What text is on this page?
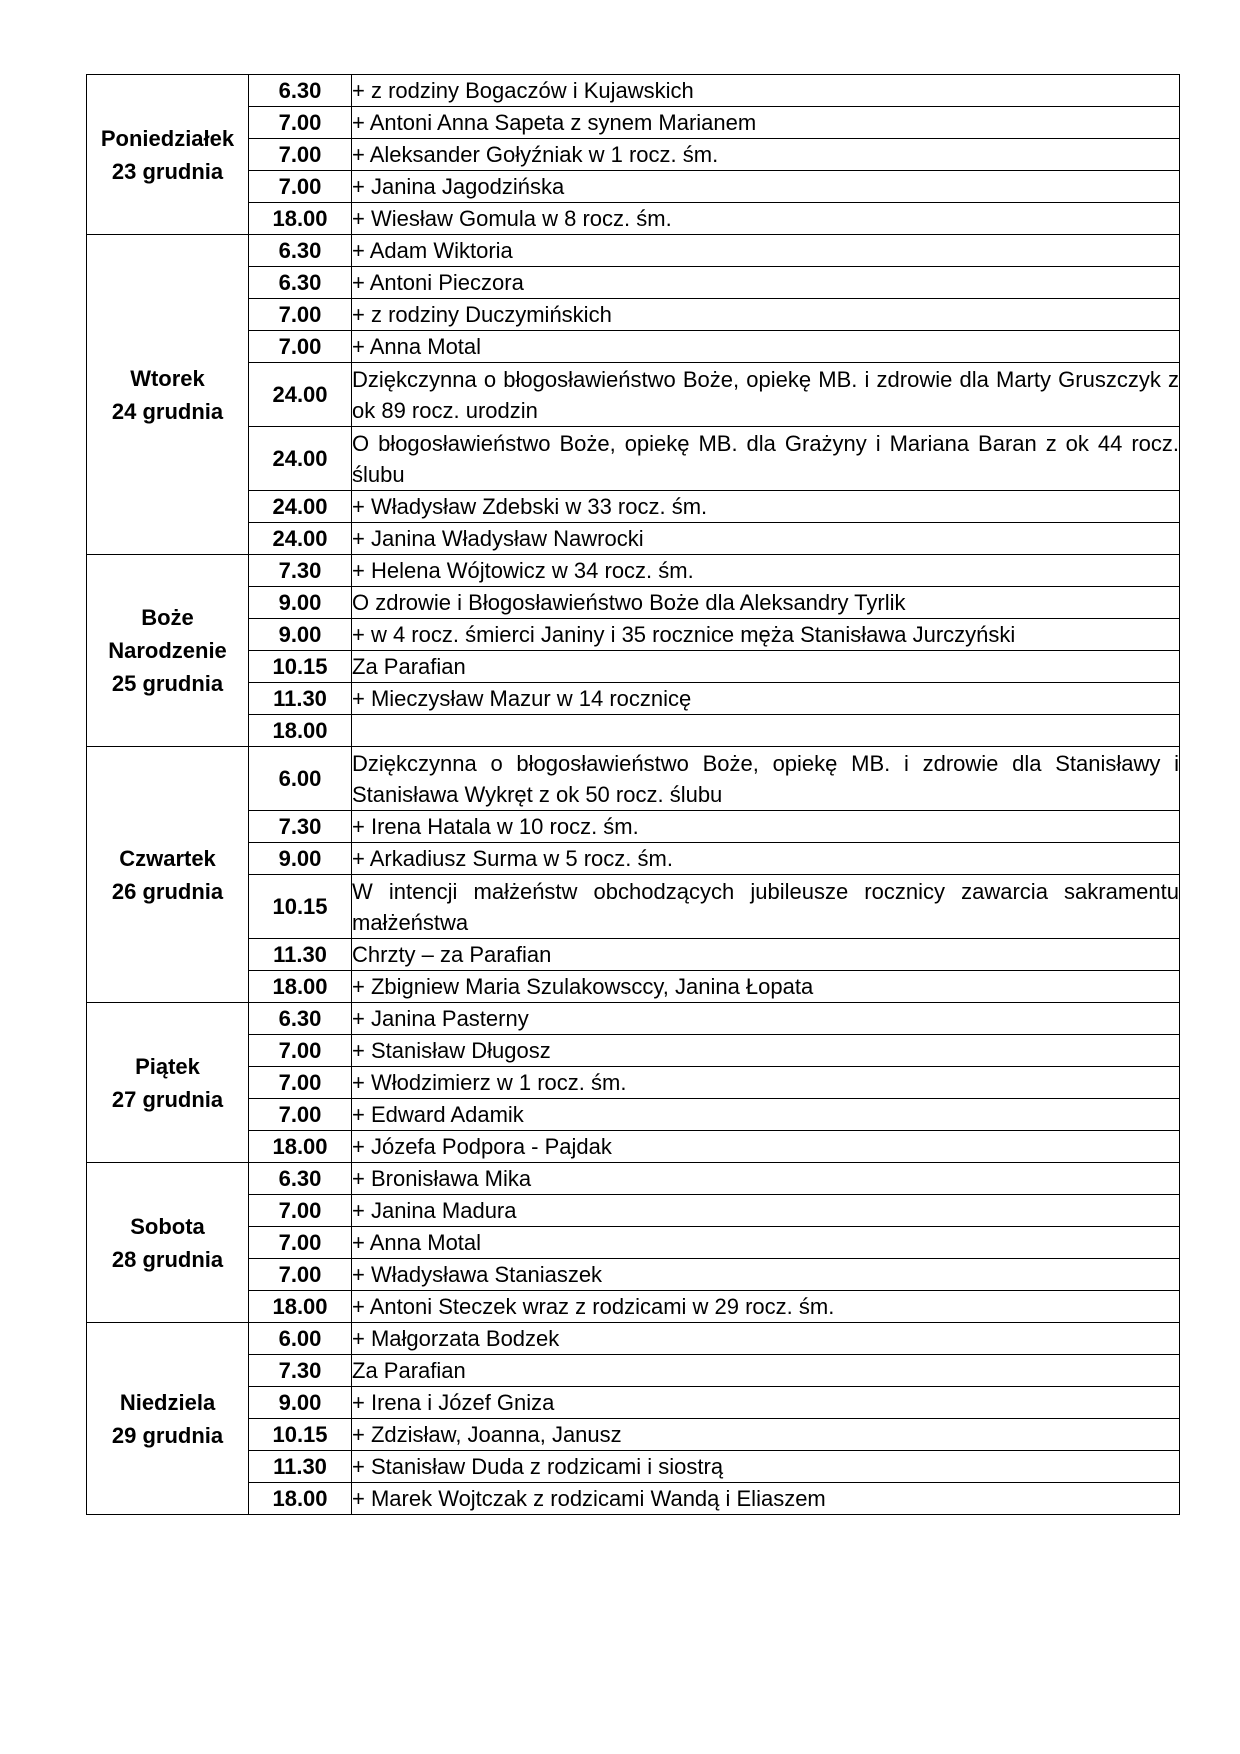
Poniedziałek
23 grudnia	6.30	+ z rodziny Bogaczów i Kujawskich
	7.00	+ Antoni Anna Sapeta z synem Marianem
	7.00	+ Aleksander Gołyźniak w 1 rocz. śm.
	7.00	+ Janina Jagodzińska
	18.00	+ Wiesław Gomula w 8 rocz. śm.

Wtorek
24 grudnia	6.30	+ Adam Wiktoria
	6.30	+ Antoni Pieczora
	7.00	+ z rodziny Duczymińskich
	7.00	+ Anna Motal
	24.00	Dziękczynna o błogosławieństwo Boże, opiekę MB. i zdrowie dla Marty Gruszczyk z ok 89 rocz. urodzin
	24.00	O błogosławieństwo Boże, opiekę MB. dla Grażyny i Mariana Baran z ok 44 rocz. ślubu
	24.00	+ Władysław Zdebski w 33 rocz. śm.
	24.00	+ Janina Władysław Nawrocki

Boże Narodzenie
25 grudnia	7.30	+ Helena Wójtowicz w 34 rocz. śm.
	9.00	O zdrowie i Błogosławieństwo Boże dla Aleksandry Tyrlik
	9.00	+ w 4 rocz. śmierci Janiny i 35 rocznice męża Stanisława Jurczyński
	10.15	Za Parafian
	11.30	+ Mieczysław Mazur w 14 rocznicę
	18.00	

Czwartek
26 grudnia	6.00	Dziękczynna o błogosławieństwo Boże, opiekę MB. i zdrowie dla Stanisławy i Stanisława Wykręt z ok 50 rocz. ślubu
	7.30	+ Irena Hatala w 10 rocz. śm.
	9.00	+ Arkadiusz Surma w 5 rocz. śm.
	10.15	W intencji małżeństw obchodzących jubileusze rocznicy zawarcia sakramentu małżeństwa
	11.30	Chrzty – za Parafian
	18.00	+ Zbigniew Maria Szulakowsccy, Janina Łopata

Piątek
27 grudnia	6.30	+ Janina Pasterny
	7.00	+ Stanisław Długosz
	7.00	+ Włodzimierz w 1 rocz. śm.
	7.00	+ Edward Adamik
	18.00	+ Józefa Podpora - Pajdak

Sobota
28 grudnia	6.30	+ Bronisława Mika
	7.00	+ Janina Madura
	7.00	+ Anna Motal
	7.00	+ Władysława Staniaszek
	18.00	+ Antoni Steczek wraz z rodzicami w 29 rocz. śm.

Niedziela
29 grudnia	6.00	+ Małgorzata Bodzek
	7.30	Za Parafian
	9.00	+ Irena i Józef Gniza
	10.15	+ Zdzisław, Joanna, Janusz
	11.30	+ Stanisław Duda z rodzicami i siostrą
	18.00	+ Marek Wojtczak z rodzicami Wandą i Eliaszem
